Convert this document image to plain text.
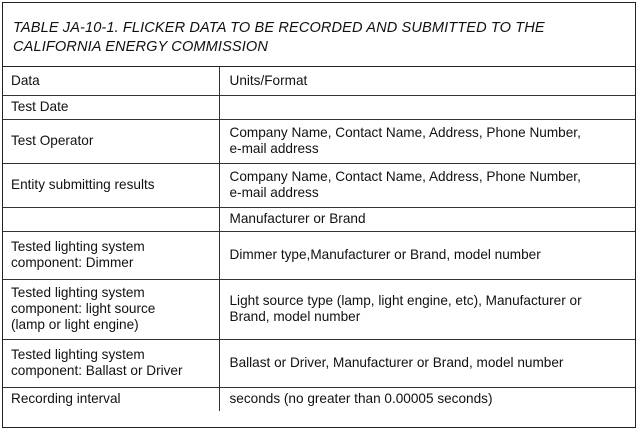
TABLE JA-10-1. FLICKER DATA TO BE RECORDED AND SUBMITTED TO THE
CALIFORNIA ENERGY COMMISSION
Data	Units/Format
Test Date	
Test Operator	Company Name, Contact Name, Address, Phone Number,
e-mail address
Entity submitting results	Company Name, Contact Name, Address, Phone Number,
e-mail address
	Manufacturer or Brand
Tested lighting system
component: Dimmer	Dimmer type,Manufacturer or Brand, model number
Tested lighting system
component: light source
(lamp or light engine)	Light source type (lamp, light engine, etc), Manufacturer or
Brand, model number
Tested lighting system
component: Ballast or Driver	Ballast or Driver, Manufacturer or Brand, model number
Recording interval	seconds (no greater than 0.00005 seconds)
